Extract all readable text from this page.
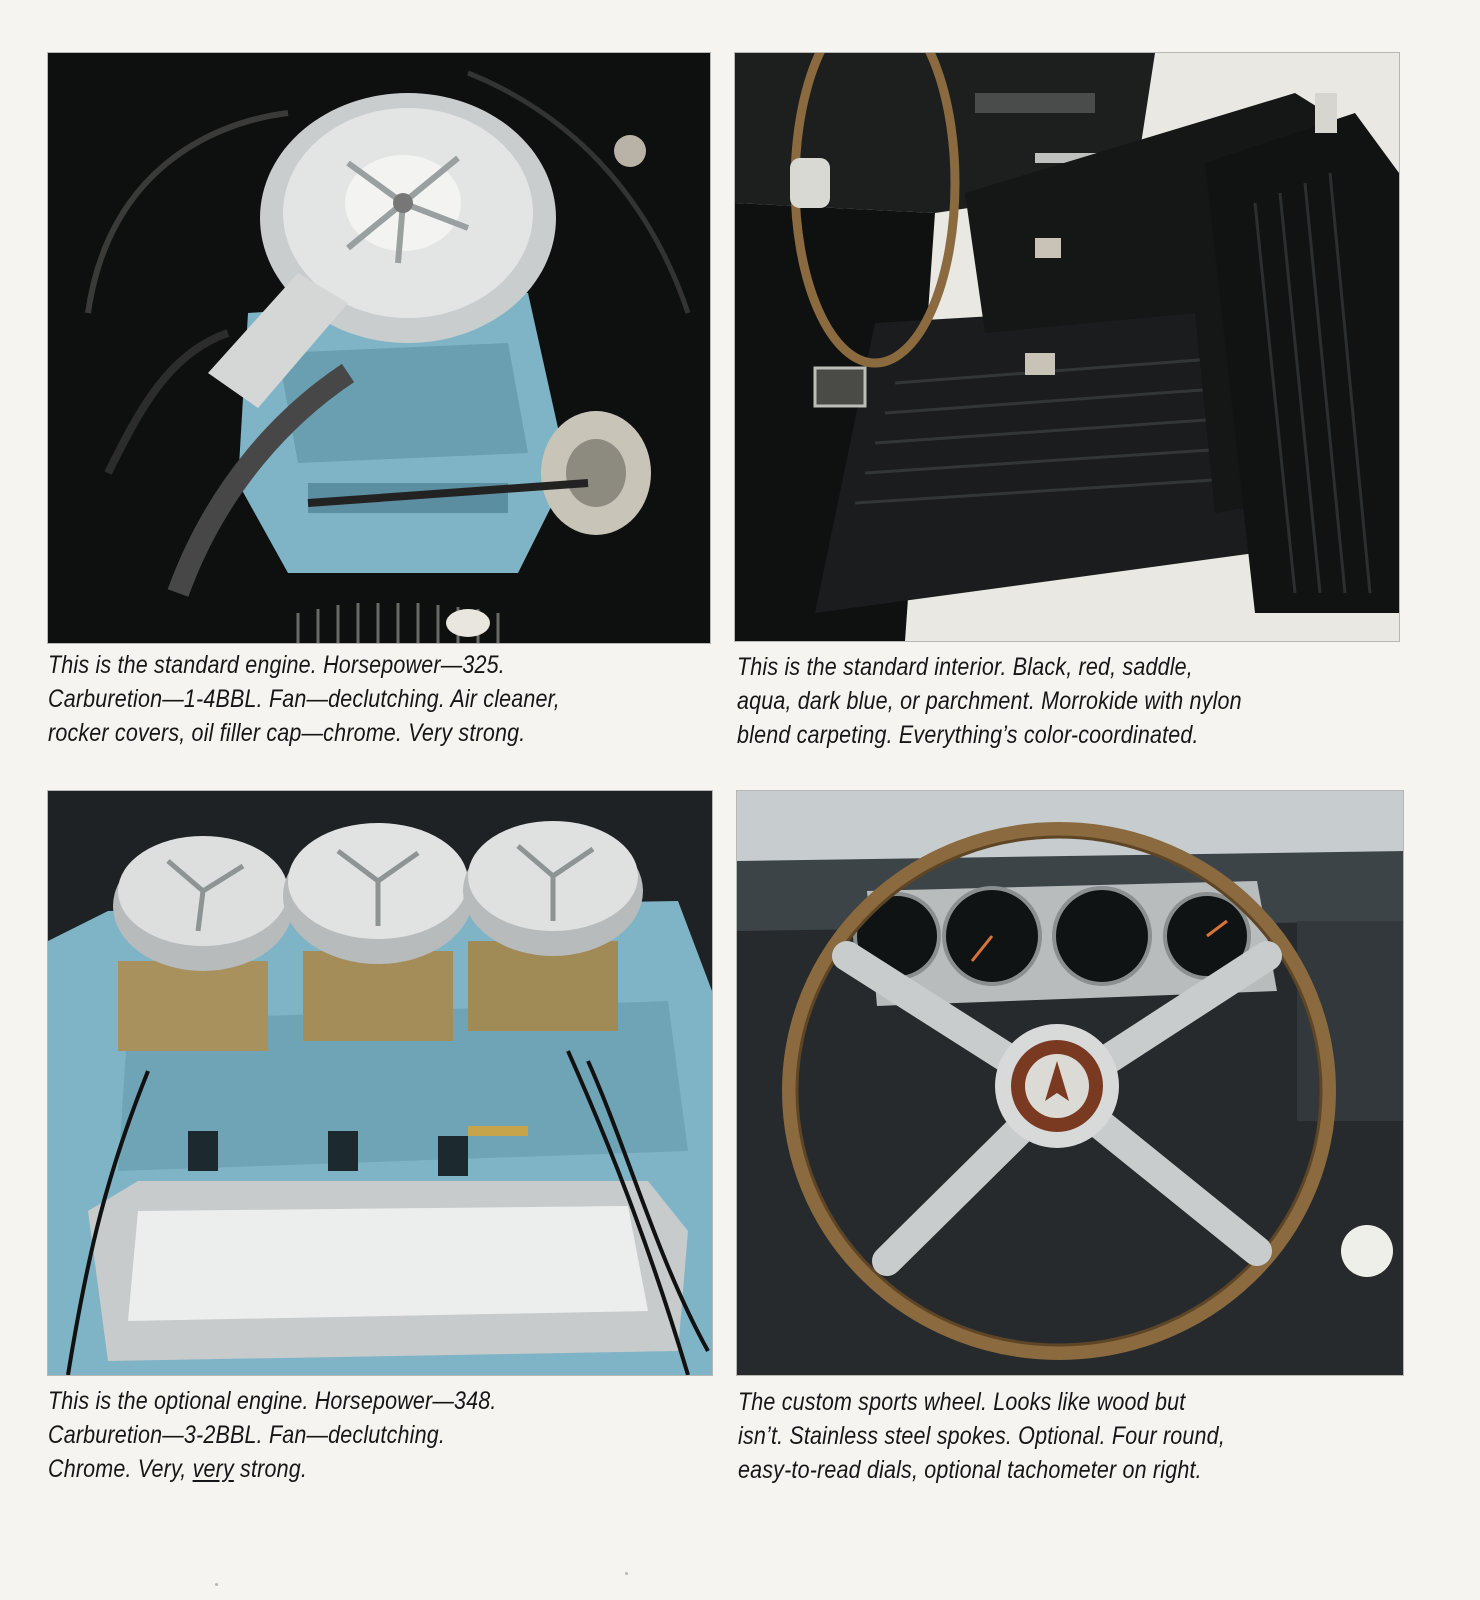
This is the standard engine. Horsepower—325.
Carburetion—1-4BBL. Fan—declutching. Air cleaner,
rocker covers, oil filler cap—chrome. Very strong.
This is the standard interior. Black, red, saddle,
aqua, dark blue, or parchment. Morrokide with nylon
blend carpeting. Everything’s color-coordinated.
This is the optional engine. Horsepower—348.
Carburetion—3-2BBL. Fan—declutching.
Chrome. Very, very strong.
The custom sports wheel. Looks like wood but
isn’t. Stainless steel spokes. Optional. Four round,
easy-to-read dials, optional tachometer on right.
